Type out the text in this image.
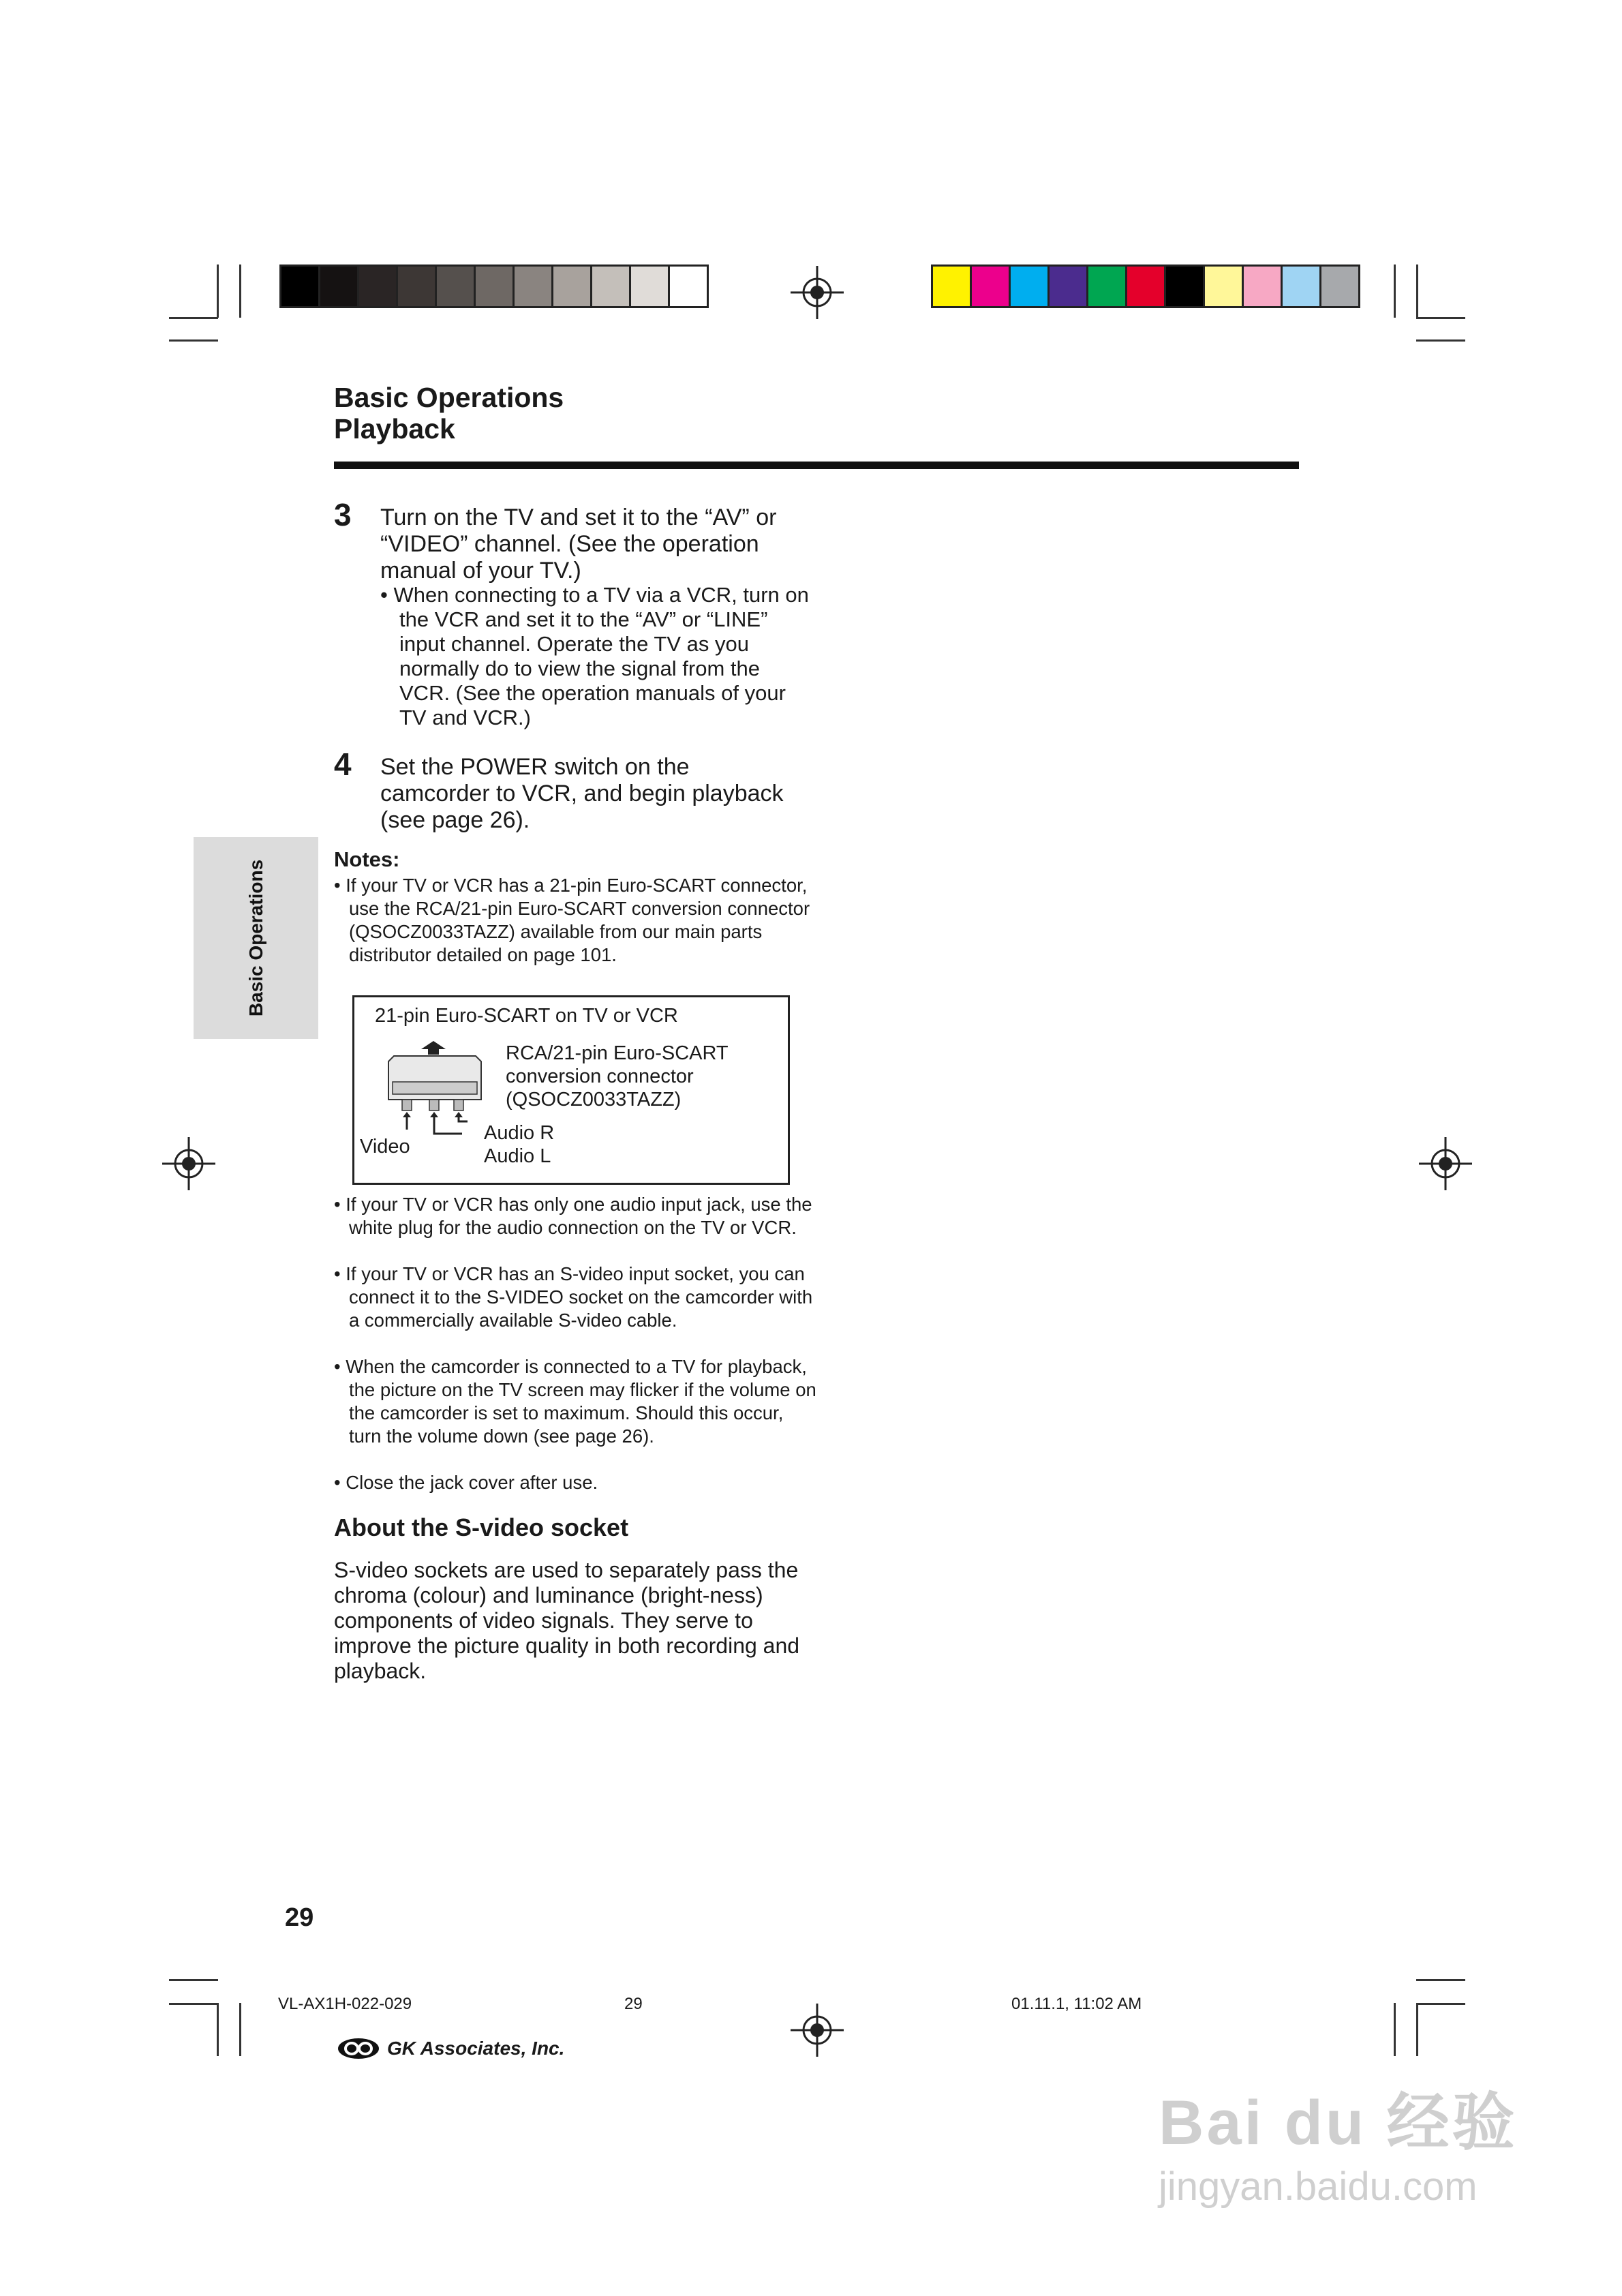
Basic Operations
Playback
Basic Operations
3 Turn on the TV and set it to the “AV” or
“VIDEO” channel. (See the operation
manual of your TV.)
• When connecting to a TV via a VCR, turn on the VCR and set it to the “AV” or “LINE” input channel. Operate the TV as you normally do to view the signal from the VCR. (See the operation manuals of your TV and VCR.)
4 Set the POWER switch on the
camcorder to VCR, and begin playback
(see page 26).
Notes:
• If your TV or VCR has a 21-pin Euro-SCART connector, use the RCA/21-pin Euro-SCART conversion connector (QSOCZ0033TAZZ) available from our main parts distributor detailed on page 101.
21-pin Euro-SCART on TV or VCR
RCA/21-pin Euro-SCART
conversion connector
(QSOCZ0033TAZZ)
Video
Audio R
Audio L
• If your TV or VCR has only one audio input jack, use the white plug for the audio connection on the TV or VCR.
• If your TV or VCR has an S-video input socket, you can connect it to the S-VIDEO socket on the camcorder with a commercially available S-video cable.
• When the camcorder is connected to a TV for playback, the picture on the TV screen may flicker if the volume on the camcorder is set to maximum. Should this occur, turn the volume down (see page 26).
• Close the jack cover after use.
About the S-video socket
S-video sockets are used to separately pass the chroma (colour) and luminance (bright-ness) components of video signals. They serve to improve the picture quality in both recording and playback.
29
VL-AX1H-022-029	29	01.11.1, 11:02 AM
GK Associates, Inc.
Bai du 经验
jingyan.baidu.com
